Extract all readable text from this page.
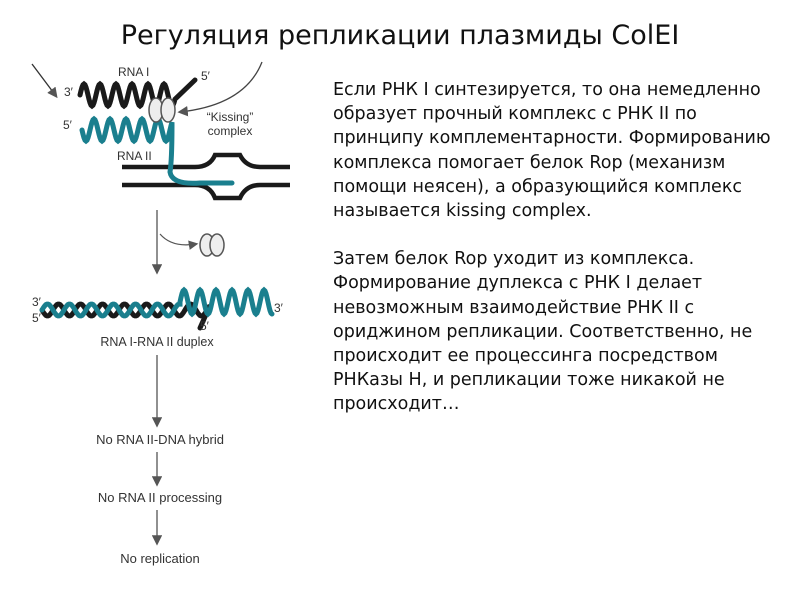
Регуляция репликации плазмиды ColEI

Если РНК I синтезируется, то она немедленно образует прочный комплекс с РНК II по принципу комплементарности. Формированию комплекса помогает белок Rop (механизм помощи неясен), а образующийся комплекс называется kissing complex.

Затем белок Rop уходит из комплекса. Формирование дуплекса с РНК I делает невозможным взаимодействие РНК II с ориджином репликации. Соответственно, не происходит ее процессинга посредством РНКазы Н, и репликации тоже никакой не происходит…

RNA I	5′
3′
5′
RNA II
“Kissing”
complex
3′
5′
3′
5′
RNA I-RNA II duplex
No RNA II-DNA hybrid
No RNA II processing
No replication
